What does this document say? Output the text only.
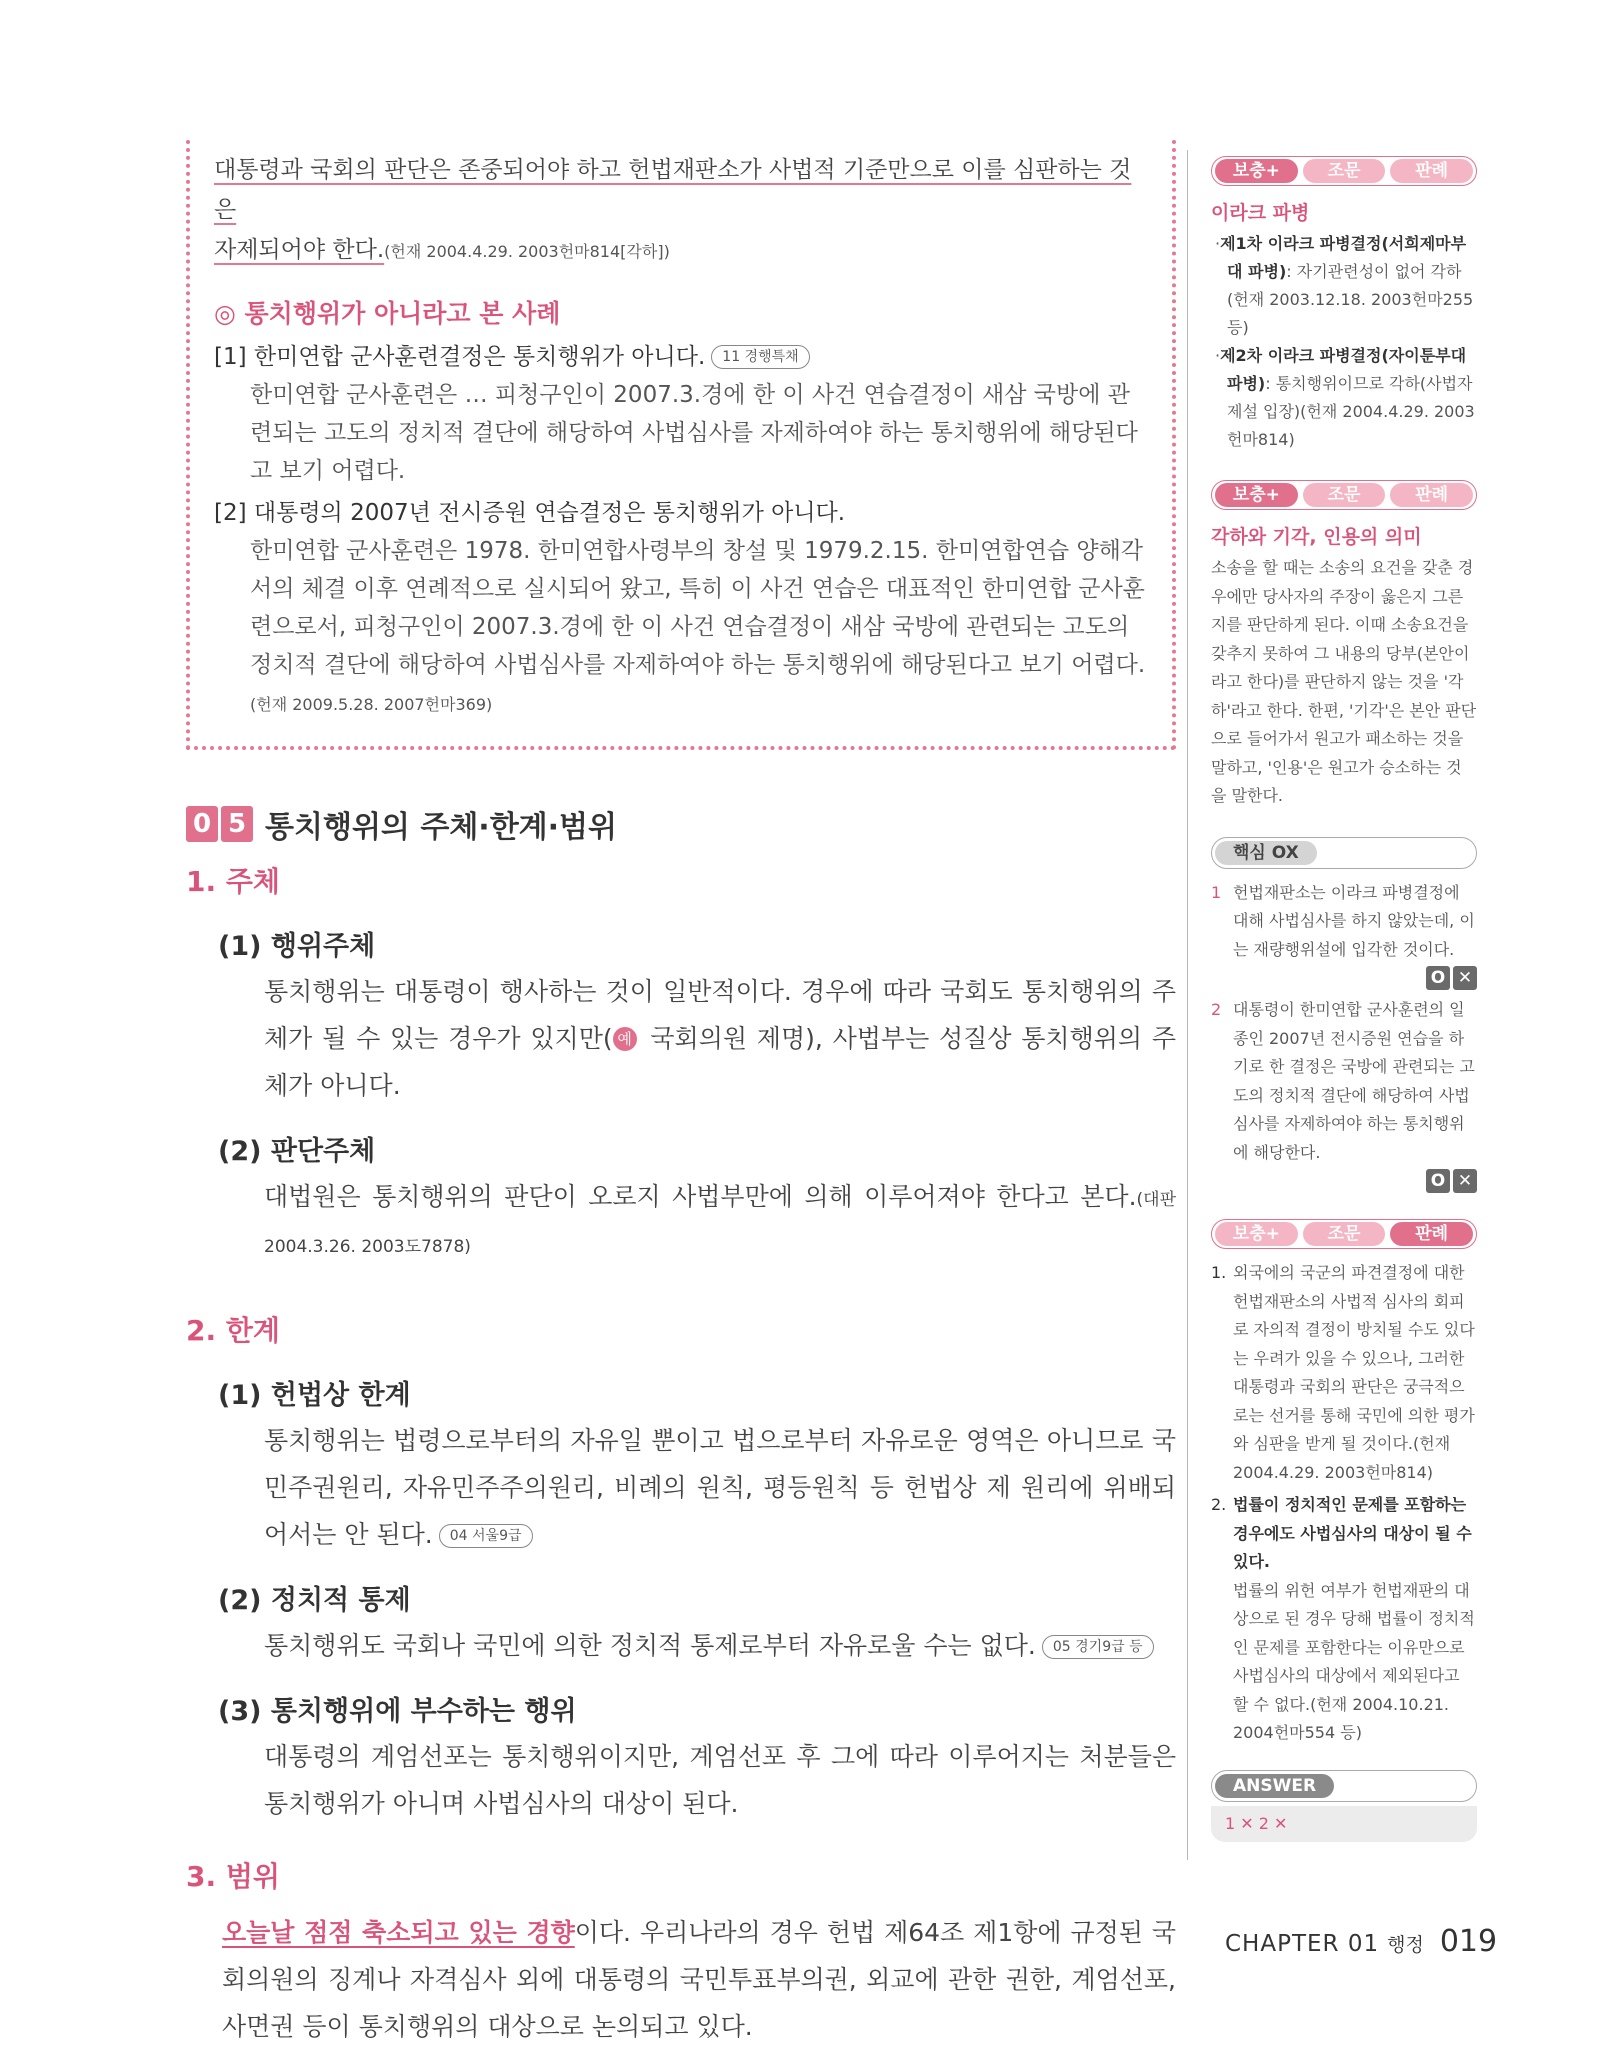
대통령과 국회의 판단은 존중되어야 하고 헌법재판소가 사법적 기준만으로 이를 심판하는 것은
자제되어야 한다.(헌재 2004.4.29. 2003헌마814[각하])

◎ 통치행위가 아니라고 본 사례

[1] 한미연합 군사훈련결정은 통치행위가 아니다. 11 경행특채

한미연합 군사훈련은 … 피청구인이 2007.3.경에 한 이 사건 연습결정이 새삼 국방에 관련되는 고도의 정치적 결단에 해당하여 사법심사를 자제하여야 하는 통치행위에 해당된다고 보기 어렵다.

[2] 대통령의 2007년 전시증원 연습결정은 통치행위가 아니다.

한미연합 군사훈련은 1978. 한미연합사령부의 창설 및 1979.2.15. 한미연합연습 양해각서의 체결 이후 연례적으로 실시되어 왔고, 특히 이 사건 연습은 대표적인 한미연합 군사훈련으로서, 피청구인이 2007.3.경에 한 이 사건 연습결정이 새삼 국방에 관련되는 고도의 정치적 결단에 해당하여 사법심사를 자제하여야 하는 통치행위에 해당된다고 보기 어렵다.(헌재 2009.5.28. 2007헌마369)

0 5 통치행위의 주체·한계·범위
1. 주체
(1) 행위주체

통치행위는 대통령이 행사하는 것이 일반적이다. 경우에 따라 국회도 통치행위의 주체가 될 수 있는 경우가 있지만( 예 국회의원 제명), 사법부는 성질상 통치행위의 주체가 아니다.

(2) 판단주체

대법원은 통치행위의 판단이 오로지 사법부만에 의해 이루어져야 한다고 본다.(대판 2004.3.26. 2003도7878)

2. 한계
(1) 헌법상 한계

통치행위는 법령으로부터의 자유일 뿐이고 법으로부터 자유로운 영역은 아니므로 국민주권원리, 자유민주주의원리, 비례의 원칙, 평등원칙 등 헌법상 제 원리에 위배되어서는 안 된다. 04 서울9급

(2) 정치적 통제

통치행위도 국회나 국민에 의한 정치적 통제로부터 자유로울 수는 없다. 05 경기9급 등

(3) 통치행위에 부수하는 행위

대통령의 계엄선포는 통치행위이지만, 계엄선포 후 그에 따라 이루어지는 처분들은 통치행위가 아니며 사법심사의 대상이 된다.

3. 범위

오늘날 점점 축소되고 있는 경향이다. 우리나라의 경우 헌법 제64조 제1항에 규정된 국회의원의 징계나 자격심사 외에 대통령의 국민투표부의권, 외교에 관한 권한, 계엄선포, 사면권 등이 통치행위의 대상으로 논의되고 있다.

보충+	조문	판례
이라크 파병

·제1차 이라크 파병결정(서희제마부대 파병): 자기관련성이 없어 각하(헌재 2003.12.18. 2003헌마255 등)

·제2차 이라크 파병결정(자이툰부대 파병): 통치행위이므로 각하(사법자제설 입장)(헌재 2004.4.29. 2003헌마814)

보충+	조문	판례
각하와 기각, 인용의 의미

소송을 할 때는 소송의 요건을 갖춘 경우에만 당사자의 주장이 옳은지 그른지를 판단하게 된다. 이때 소송요건을 갖추지 못하여 그 내용의 당부(본안이라고 한다)를 판단하지 않는 것을 '각하'라고 한다. 한편, '기각'은 본안 판단으로 들어가서 원고가 패소하는 것을 말하고, '인용'은 원고가 승소하는 것을 말한다.

핵심 OX
1 헌법재판소는 이라크 파병결정에 대해 사법심사를 하지 않았는데, 이는 재량행위설에 입각한 것이다.
O ✕
2 대통령이 한미연합 군사훈련의 일종인 2007년 전시증원 연습을 하기로 한 결정은 국방에 관련되는 고도의 정치적 결단에 해당하여 사법심사를 자제하여야 하는 통치행위에 해당한다.
O ✕
보충+	조문	판례
1. 외국에의 국군의 파견결정에 대한 헌법재판소의 사법적 심사의 회피로 자의적 결정이 방치될 수도 있다는 우려가 있을 수 있으나, 그러한 대통령과 국회의 판단은 궁극적으로는 선거를 통해 국민에 의한 평가와 심판을 받게 될 것이다.(헌재 2004.4.29. 2003헌마814)
2. 법률이 정치적인 문제를 포함하는 경우에도 사법심사의 대상이 될 수 있다.
법률의 위헌 여부가 헌법재판의 대상으로 된 경우 당해 법률이 정치적인 문제를 포함한다는 이유만으로 사법심사의 대상에서 제외된다고 할 수 없다.(헌재 2004.10.21. 2004헌마554 등)
ANSWER
1 ✕ 2 ✕
CHAPTER 01 행정 019
